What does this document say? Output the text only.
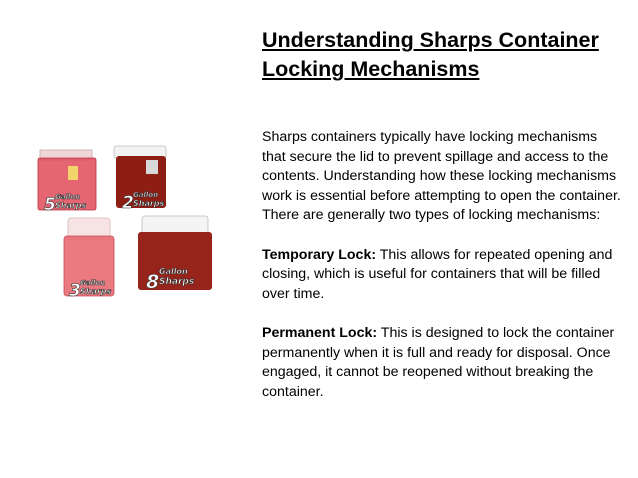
5 Gallon
Sharps 2 Gallon
Sharps
3 Gallon
Sharps 8 Gallon
Sharps
Understanding Sharps Container
Locking Mechanisms

Sharps containers typically have locking mechanisms that secure the lid to prevent spillage and access to the contents. Understanding how these locking mechanisms work is essential before attempting to open the container. There are generally two types of locking mechanisms:

Temporary Lock: This allows for repeated opening and closing, which is useful for containers that will be filled over time.

Permanent Lock: This is designed to lock the container permanently when it is full and ready for disposal. Once engaged, it cannot be reopened without breaking the container.
